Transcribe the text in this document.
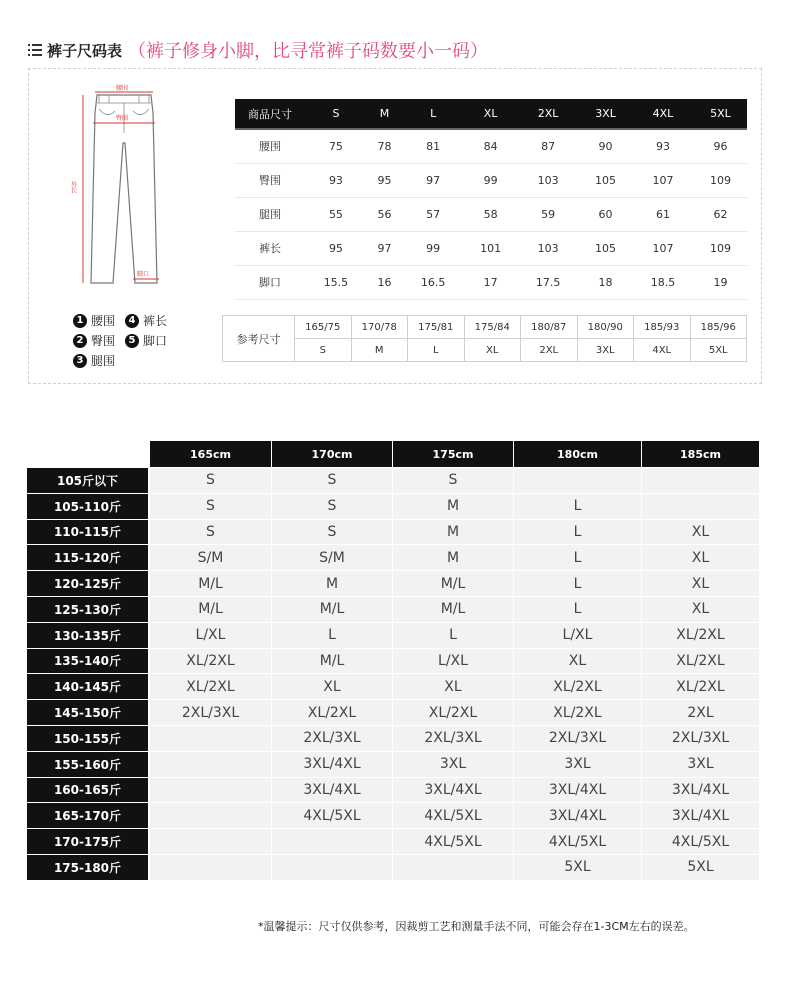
裤子尺码表 （裤子修身小脚，比寻常裤子码数要小一码）
腰围
臀围
外长
脚口
1 腰围
2 臀围
3 腿围
4 裤长
5 脚口
商品尺寸	S	M	L	XL	2XL	3XL	4XL	5XL
腰围	75	78	81	84	87	90	93	96
臀围	93	95	97	99	103	105	107	109
腿围	55	56	57	58	59	60	61	62
裤长	95	97	99	101	103	105	107	109
脚口	15.5	16	16.5	17	17.5	18	18.5	19
参考尺寸	165/75	170/78	175/81	175/84	180/87	180/90	185/93	185/96
	S	M	L	XL	2XL	3XL	4XL	5XL
	165cm	170cm	175cm	180cm	185cm
105斤以下	S	S	S		
105-110斤	S	S	M	L	
110-115斤	S	S	M	L	XL
115-120斤	S/M	S/M	M	L	XL
120-125斤	M/L	M	M/L	L	XL
125-130斤	M/L	M/L	M/L	L	XL
130-135斤	L/XL	L	L	L/XL	XL/2XL
135-140斤	XL/2XL	M/L	L/XL	XL	XL/2XL
140-145斤	XL/2XL	XL	XL	XL/2XL	XL/2XL
145-150斤	2XL/3XL	XL/2XL	XL/2XL	XL/2XL	2XL
150-155斤		2XL/3XL	2XL/3XL	2XL/3XL	2XL/3XL
155-160斤		3XL/4XL	3XL	3XL	3XL
160-165斤		3XL/4XL	3XL/4XL	3XL/4XL	3XL/4XL
165-170斤		4XL/5XL	4XL/5XL	3XL/4XL	3XL/4XL
170-175斤			4XL/5XL	4XL/5XL	4XL/5XL
175-180斤				5XL	5XL
*温馨提示：尺寸仅供参考，因裁剪工艺和测量手法不同，可能会存在1-3CM左右的误差。
